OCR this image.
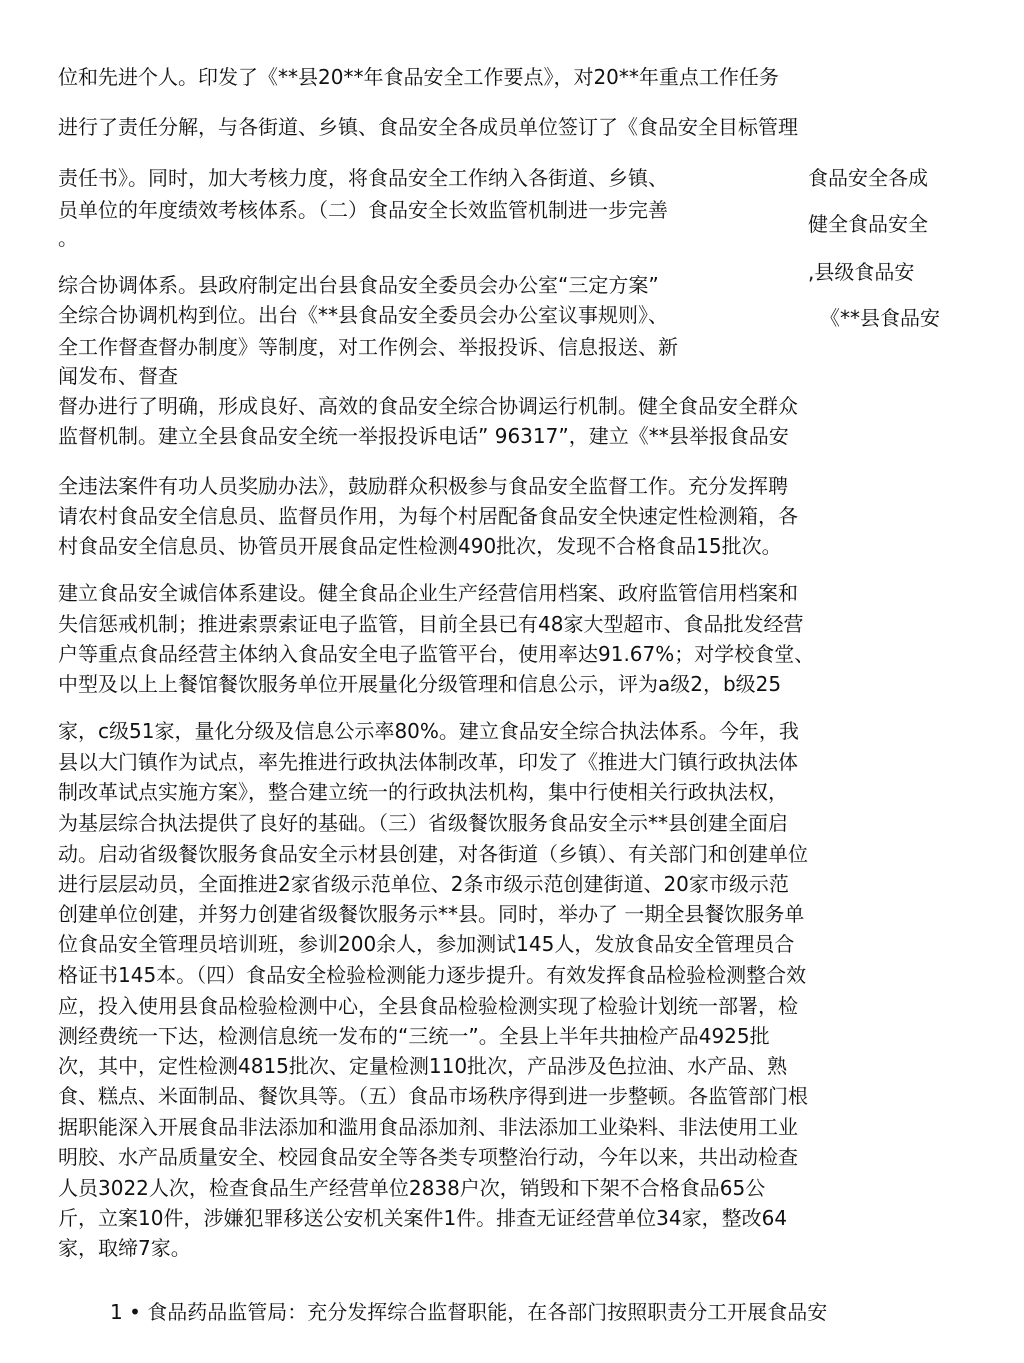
位和先进个人。印发了《**县20**年食品安全工作要点》，对20**年重点工作任务

进行了责任分解，与各街道、乡镇、食品安全各成员单位签订了《食品安全目标管理

责任书》。同时，加大考核力度，将食品安全工作纳入各街道、乡镇、

员单位的年度绩效考核体系。（二）食品安全长效监管机制进一步完善

。

食品安全各成
健全食品安全
,县级食品安
《**县食品安

综合协调体系。县政府制定出台县食品安全委员会办公室“三定方案”

全综合协调机构到位。出台《**县食品安全委员会办公室议事规则》、

全工作督查督办制度》等制度，对工作例会、举报投诉、信息报送、新

闻发布、督查

督办进行了明确，形成良好、高效的食品安全综合协调运行机制。健全食品安全群众

监督机制。建立全县食品安全统一举报投诉电话” 96317”，建立《**县举报食品安

全违法案件有功人员奖励办法》，鼓励群众积极参与食品安全监督工作。充分发挥聘

请农村食品安全信息员、监督员作用，为每个村居配备食品安全快速定性检测箱，各

村食品安全信息员、协管员开展食品定性检测490批次，发现不合格食品15批次。

建立食品安全诚信体系建设。健全食品企业生产经营信用档案、政府监管信用档案和

失信惩戒机制；推进索票索证电子监管，目前全县已有48家大型超市、食品批发经营

户等重点食品经营主体纳入食品安全电子监管平台，使用率达91.67%；对学校食堂、

中型及以上上餐馆餐饮服务单位开展量化分级管理和信息公示，评为a级2，b级25

家，c级51家，量化分级及信息公示率80%。建立食品安全综合执法体系。今年，我

县以大门镇作为试点，率先推进行政执法体制改革，印发了《推进大门镇行政执法体

制改革试点实施方案》，整合建立统一的行政执法机构，集中行使相关行政执法权，

为基层综合执法提供了良好的基础。（三）省级餐饮服务食品安全示**县创建全面启

动。启动省级餐饮服务食品安全示材县创建，对各街道（乡镇）、有关部门和创建单位

进行层层动员，全面推进2家省级示范单位、2条市级示范创建街道、20家市级示范

创建单位创建，并努力创建省级餐饮服务示**县。同时，举办了 一期全县餐饮服务单

位食品安全管理员培训班，参训200余人，参加测试145人，发放食品安全管理员合

格证书145本。（四）食品安全检验检测能力逐步提升。有效发挥食品检验检测整合效

应，投入使用县食品检验检测中心，全县食品检验检测实现了检验计划统一部署，检

测经费统一下达，检测信息统一发布的“三统一”。全县上半年共抽检产品4925批

次，其中，定性检测4815批次、定量检测110批次，产品涉及色拉油、水产品、熟

食、糕点、米面制品、餐饮具等。（五）食品市场秩序得到进一步整顿。各监管部门根

据职能深入开展食品非法添加和滥用食品添加剂、非法添加工业染料、非法使用工业

明胶、水产品质量安全、校园食品安全等各类专项整治行动，今年以来，共出动检查

人员3022人次，检查食品生产经营单位2838户次，销毁和下架不合格食品65公

斤，立案10件，涉嫌犯罪移送公安机关案件1件。排查无证经营单位34家，整改64

家，取缔7家。

1 • 食品药品监管局：充分发挥综合监督职能，在各部门按照职责分工开展食品安
